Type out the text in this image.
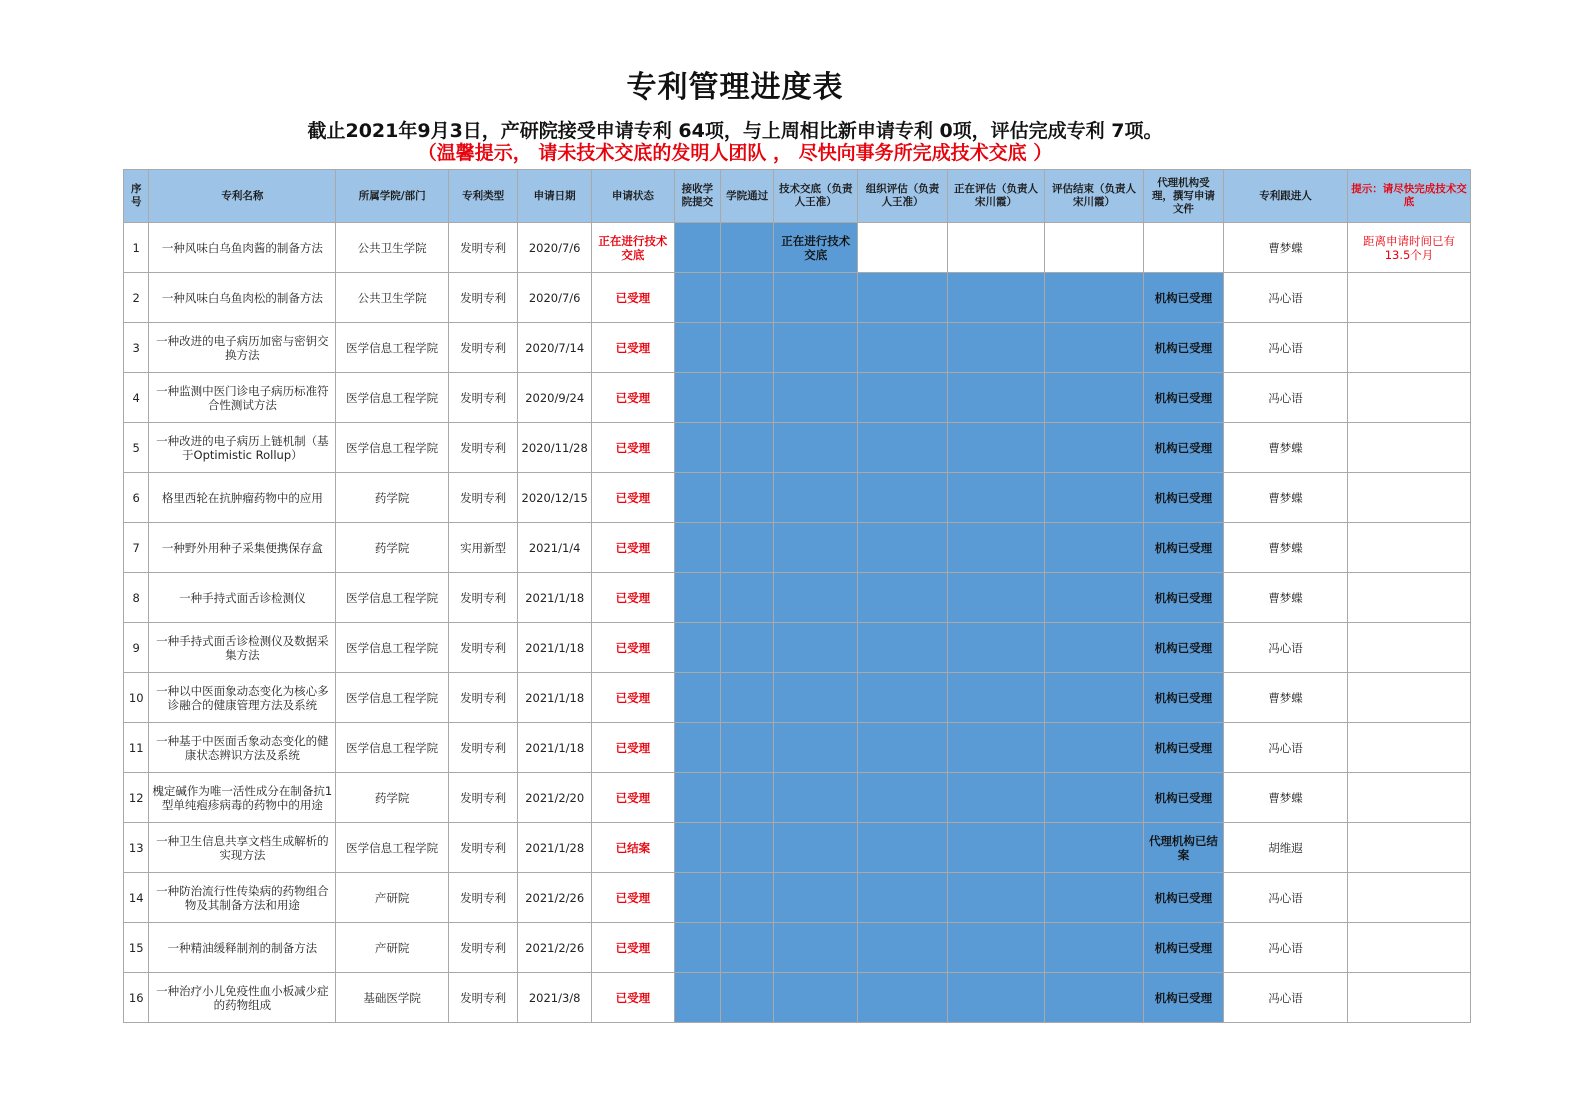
专利管理进度表
截止2021年9月3日，产研院接受申请专利 64项，与上周相比新申请专利 0项，评估完成专利 7项。
（温馨提示， 请未技术交底的发明人团队 ， 尽快向事务所完成技术交底 ）
序号	专利名称	所属学院/部门	专利类型	申请日期	申请状态	接收学院提交	学院通过	技术交底（负责人王准）	组织评估（负责人王准）	正在评估（负责人宋川霞）	评估结束（负责人宋川霞）	代理机构受理，撰写申请文件	专利跟进人	提示：请尽快完成技术交底
1	一种风味白乌鱼肉酱的制备方法	公共卫生学院	发明专利	2020/7/6	正在进行技术交底			正在进行技术交底					曹梦蝶	距离申请时间已有13.5个月
2	一种风味白乌鱼肉松的制备方法	公共卫生学院	发明专利	2020/7/6	已受理							机构已受理	冯心语	
3	一种改进的电子病历加密与密钥交换方法	医学信息工程学院	发明专利	2020/7/14	已受理							机构已受理	冯心语	
4	一种监测中医门诊电子病历标准符合性测试方法	医学信息工程学院	发明专利	2020/9/24	已受理							机构已受理	冯心语	
5	一种改进的电子病历上链机制（基于Optimistic Rollup）	医学信息工程学院	发明专利	2020/11/28	已受理							机构已受理	曹梦蝶	
6	格里西轮在抗肿瘤药物中的应用	药学院	发明专利	2020/12/15	已受理							机构已受理	曹梦蝶	
7	一种野外用种子采集便携保存盒	药学院	实用新型	2021/1/4	已受理							机构已受理	曹梦蝶	
8	一种手持式面舌诊检测仪	医学信息工程学院	发明专利	2021/1/18	已受理							机构已受理	曹梦蝶	
9	一种手持式面舌诊检测仪及数据采集方法	医学信息工程学院	发明专利	2021/1/18	已受理							机构已受理	冯心语	
10	一种以中医面象动态变化为核心多诊融合的健康管理方法及系统	医学信息工程学院	发明专利	2021/1/18	已受理							机构已受理	曹梦蝶	
11	一种基于中医面舌象动态变化的健康状态辨识方法及系统	医学信息工程学院	发明专利	2021/1/18	已受理							机构已受理	冯心语	
12	槐定碱作为唯一活性成分在制备抗1型单纯疱疹病毒的药物中的用途	药学院	发明专利	2021/2/20	已受理							机构已受理	曹梦蝶	
13	一种卫生信息共享文档生成解析的实现方法	医学信息工程学院	发明专利	2021/1/28	已结案							代理机构已结案	胡维遐	
14	一种防治流行性传染病的药物组合物及其制备方法和用途	产研院	发明专利	2021/2/26	已受理							机构已受理	冯心语	
15	一种精油缓释制剂的制备方法	产研院	发明专利	2021/2/26	已受理							机构已受理	冯心语	
16	一种治疗小儿免疫性血小板减少症的药物组成	基础医学院	发明专利	2021/3/8	已受理							机构已受理	冯心语	
